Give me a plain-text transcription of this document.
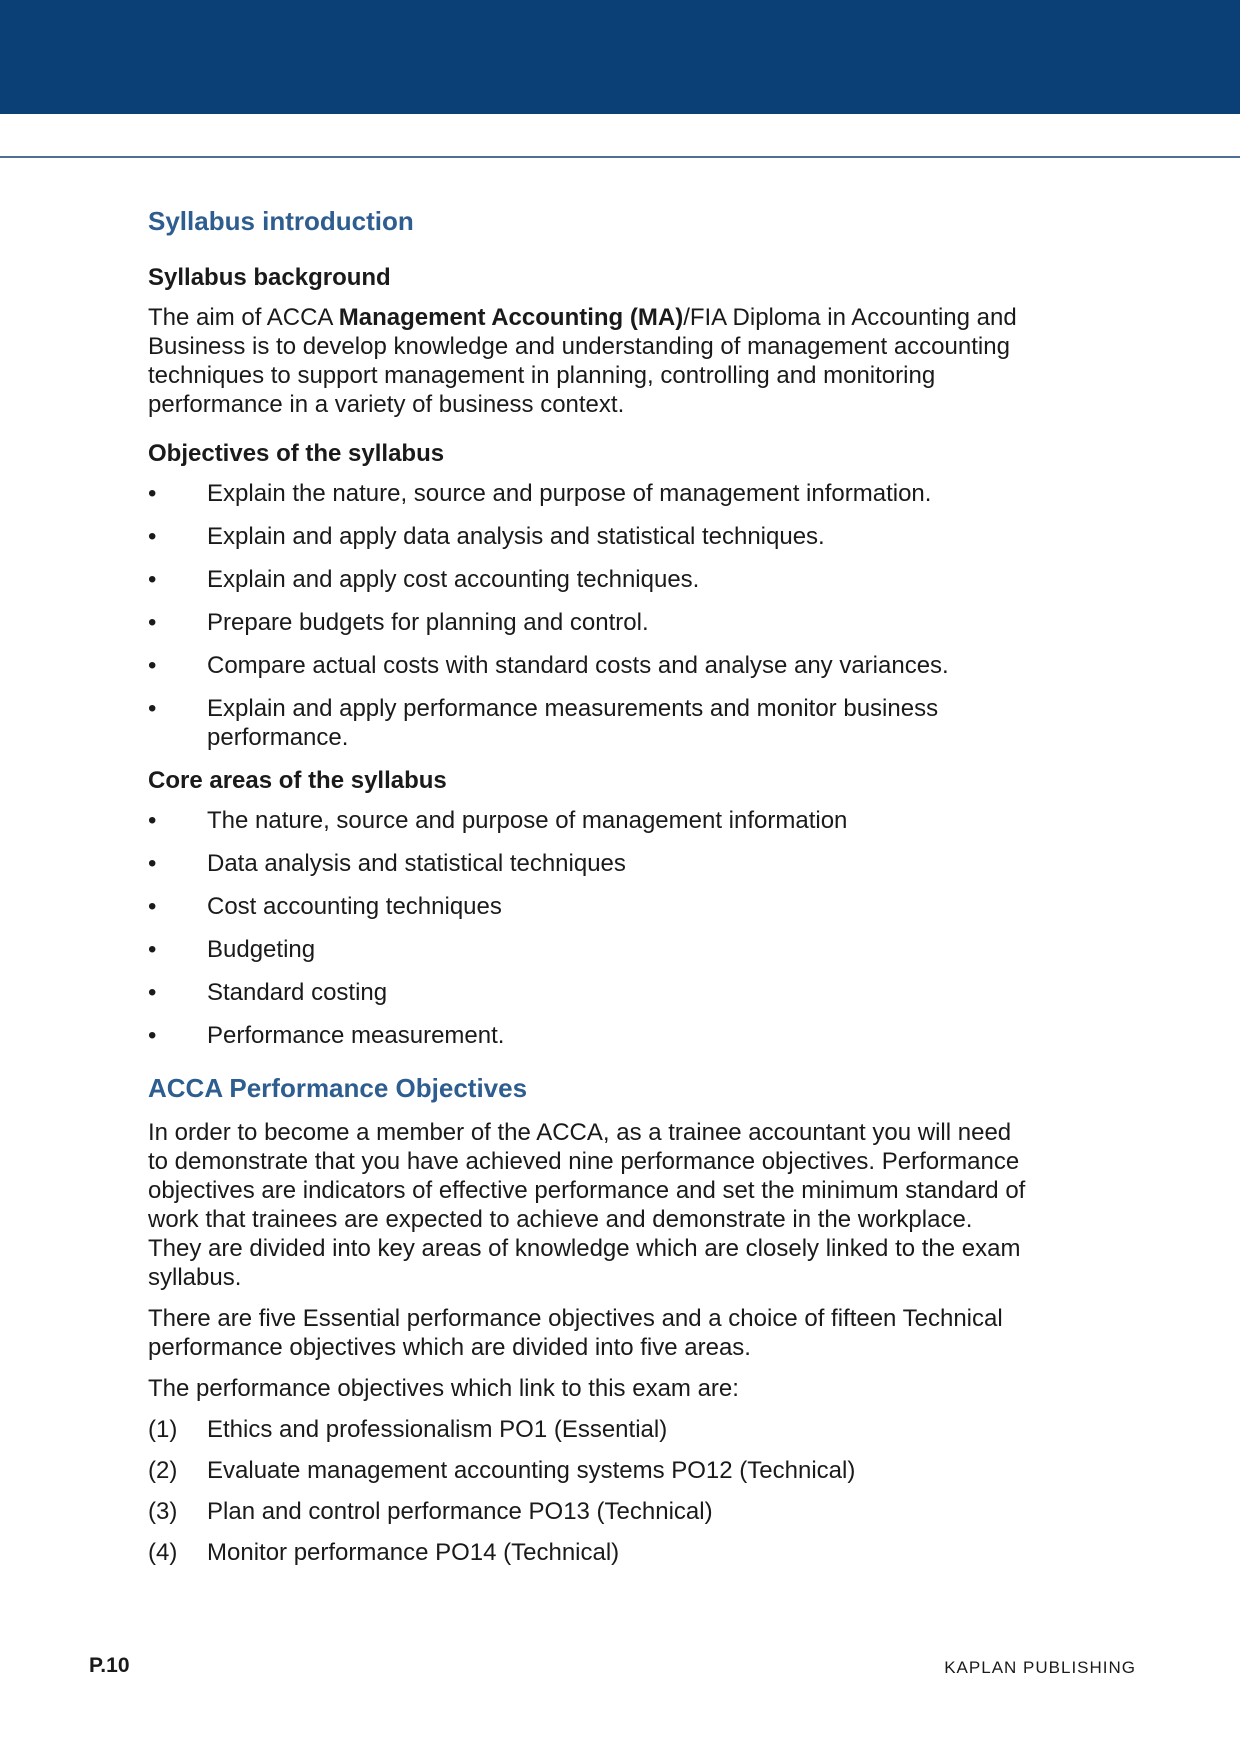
Syllabus introduction
Syllabus background

The aim of ACCA Management Accounting (MA)/FIA Diploma in Accounting and Business is to develop knowledge and understanding of management accounting techniques to support management in planning, controlling and monitoring performance in a variety of business context.

Objectives of the syllabus
•	Explain the nature, source and purpose of management information.
•	Explain and apply data analysis and statistical techniques.
•	Explain and apply cost accounting techniques.
•	Prepare budgets for planning and control.
•	Compare actual costs with standard costs and analyse any variances.
•	Explain and apply performance measurements and monitor business performance.
Core areas of the syllabus
•	The nature, source and purpose of management information
•	Data analysis and statistical techniques
•	Cost accounting techniques
•	Budgeting
•	Standard costing
•	Performance measurement.
ACCA Performance Objectives

In order to become a member of the ACCA, as a trainee accountant you will need to demonstrate that you have achieved nine performance objectives. Performance objectives are indicators of effective performance and set the minimum standard of work that trainees are expected to achieve and demonstrate in the workplace. They are divided into key areas of knowledge which are closely linked to the exam syllabus.

There are five Essential performance objectives and a choice of fifteen Technical performance objectives which are divided into five areas.

The performance objectives which link to this exam are:

(1)	Ethics and professionalism PO1 (Essential)
(2)	Evaluate management accounting systems PO12 (Technical)
(3)	Plan and control performance PO13 (Technical)
(4)	Monitor performance PO14 (Technical)
P.10	KAPLAN PUBLISHING
